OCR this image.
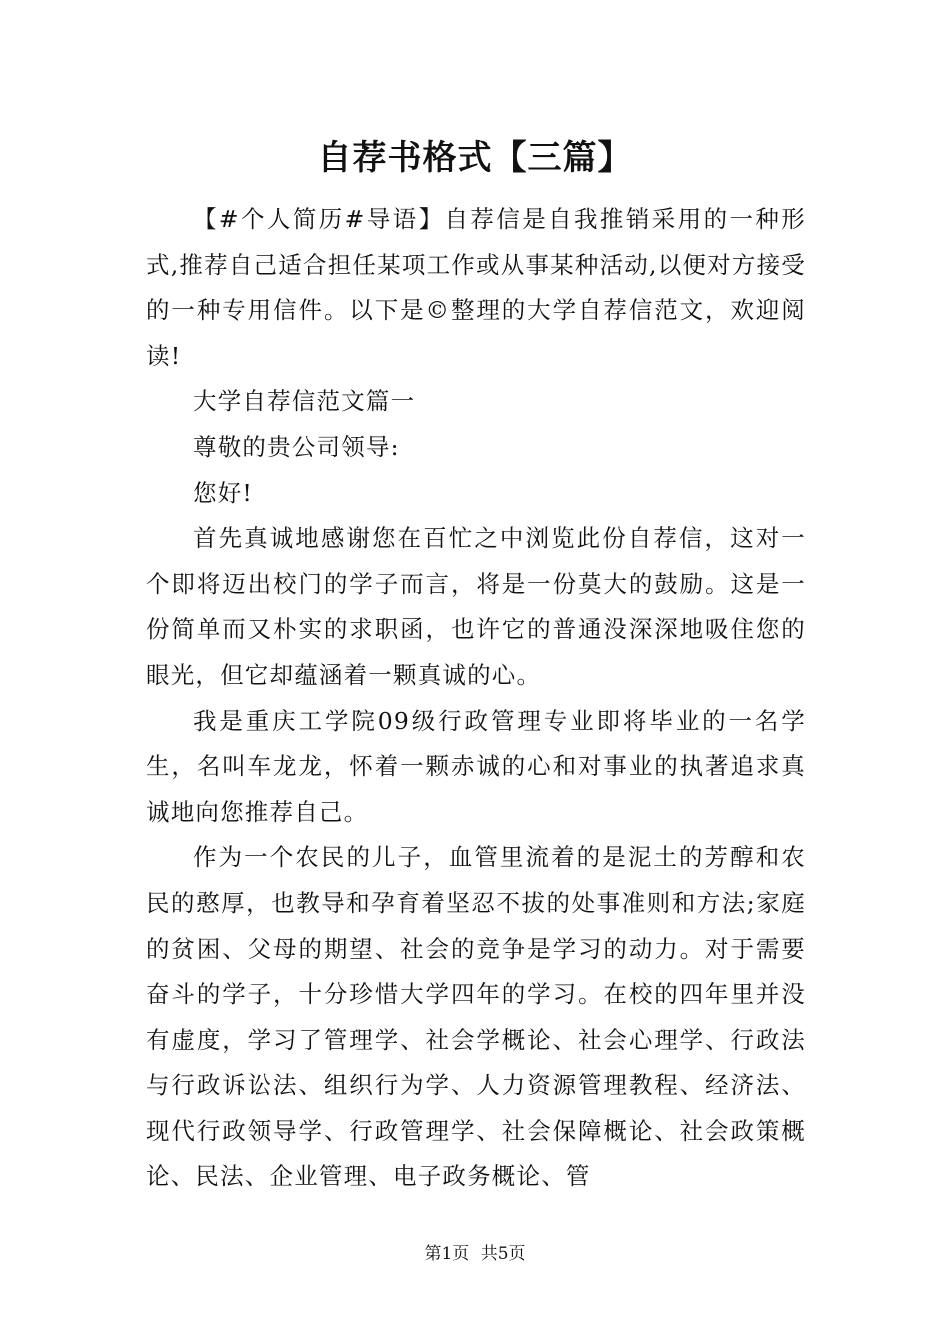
自荐书格式【三篇】

【#个人简历#导语】自荐信是自我推销采用的一种形式,推荐自己适合担任某项工作或从事某种活动,以便对方接受的一种专用信件。以下是©整理的大学自荐信范文，欢迎阅读!

大学自荐信范文篇一

尊敬的贵公司领导:

您好!

首先真诚地感谢您在百忙之中浏览此份自荐信，这对一个即将迈出校门的学子而言，将是一份莫大的鼓励。这是一份简单而又朴实的求职函，也许它的普通没深深地吸住您的眼光，但它却蕴涵着一颗真诚的心。

我是重庆工学院09级行政管理专业即将毕业的一名学生，名叫车龙龙，怀着一颗赤诚的心和对事业的执著追求真诚地向您推荐自己。

作为一个农民的儿子，血管里流着的是泥土的芳醇和农民的憨厚，也教导和孕育着坚忍不拔的处事准则和方法;家庭的贫困、父母的期望、社会的竞争是学习的动力。对于需要奋斗的学子，十分珍惜大学四年的学习。在校的四年里并没有虚度，学习了管理学、社会学概论、社会心理学、行政法与行政诉讼法、组织行为学、人力资源管理教程、经济法、现代行政领导学、行政管理学、社会保障概论、社会政策概论、民法、企业管理、电子政务概论、管

第1页 共5页
